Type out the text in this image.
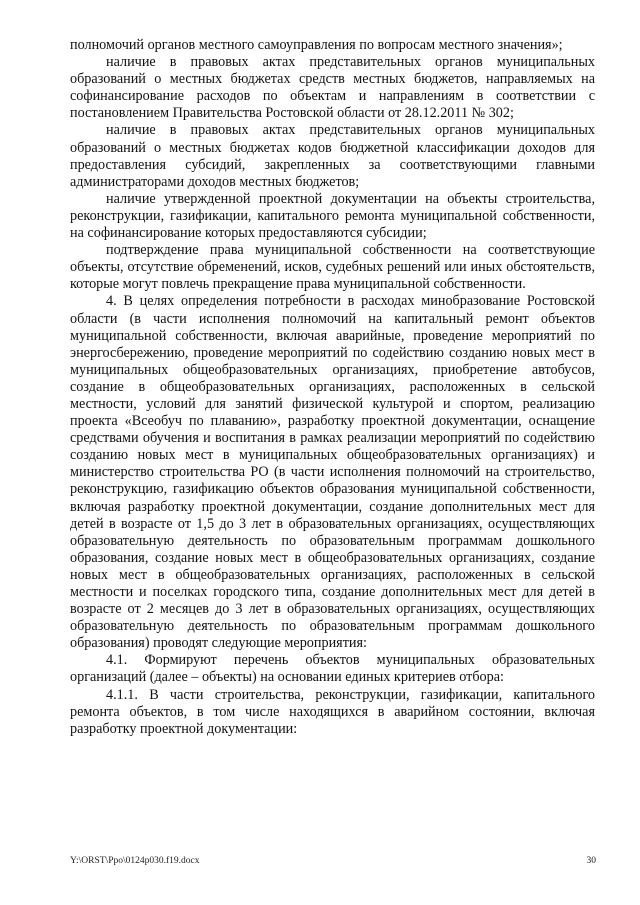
полномочий органов местного самоуправления по вопросам местного значения»;

наличие в правовых актах представительных органов муниципальных образований о местных бюджетах средств местных бюджетов, направляемых на софинансирование расходов по объектам и направлениям в соответствии с постановлением Правительства Ростовской области от 28.12.2011 № 302;

наличие в правовых актах представительных органов муниципальных образований о местных бюджетах кодов бюджетной классификации доходов для предоставления субсидий, закрепленных за соответствующими главными администраторами доходов местных бюджетов;

наличие утвержденной проектной документации на объекты строительства, реконструкции, газификации, капитального ремонта муниципальной собственности, на софинансирование которых предоставляются субсидии;

подтверждение права муниципальной собственности на соответствующие объекты, отсутствие обременений, исков, судебных решений или иных обстоятельств, которые могут повлечь прекращение права муниципальной собственности.

4. В целях определения потребности в расходах минобразование Ростовской области (в части исполнения полномочий на капитальный ремонт объектов муниципальной собственности, включая аварийные, проведение мероприятий по энергосбережению, проведение мероприятий по содействию созданию новых мест в муниципальных общеобразовательных организациях, приобретение автобусов, создание в общеобразовательных организациях, расположенных в сельской местности, условий для занятий физической культурой и спортом, реализацию проекта «Всеобуч по плаванию», разработку проектной документации, оснащение средствами обучения и воспитания в рамках реализации мероприятий по содействию созданию новых мест в муниципальных общеобразовательных организациях) и министерство строительства РО (в части исполнения полномочий на строительство, реконструкцию, газификацию объектов образования муниципальной собственности, включая разработку проектной документации, создание дополнительных мест для детей в возрасте от 1,5 до 3 лет в образовательных организациях, осуществляющих образовательную деятельность по образовательным программам дошкольного образования, создание новых мест в общеобразовательных организациях, создание новых мест в общеобразовательных организациях, расположенных в сельской местности и поселках городского типа, создание дополнительных мест для детей в возрасте от 2 месяцев до 3 лет в образовательных организациях, осуществляющих образовательную деятельность по образовательным программам дошкольного образования) проводят следующие мероприятия:

4.1. Формируют перечень объектов муниципальных образовательных организаций (далее – объекты) на основании единых критериев отбора:

4.1.1. В части строительства, реконструкции, газификации, капитального ремонта объектов, в том числе находящихся в аварийном состоянии, включая разработку проектной документации:

Y:\ORST\Ppo\0124p030.f19.docx	30
